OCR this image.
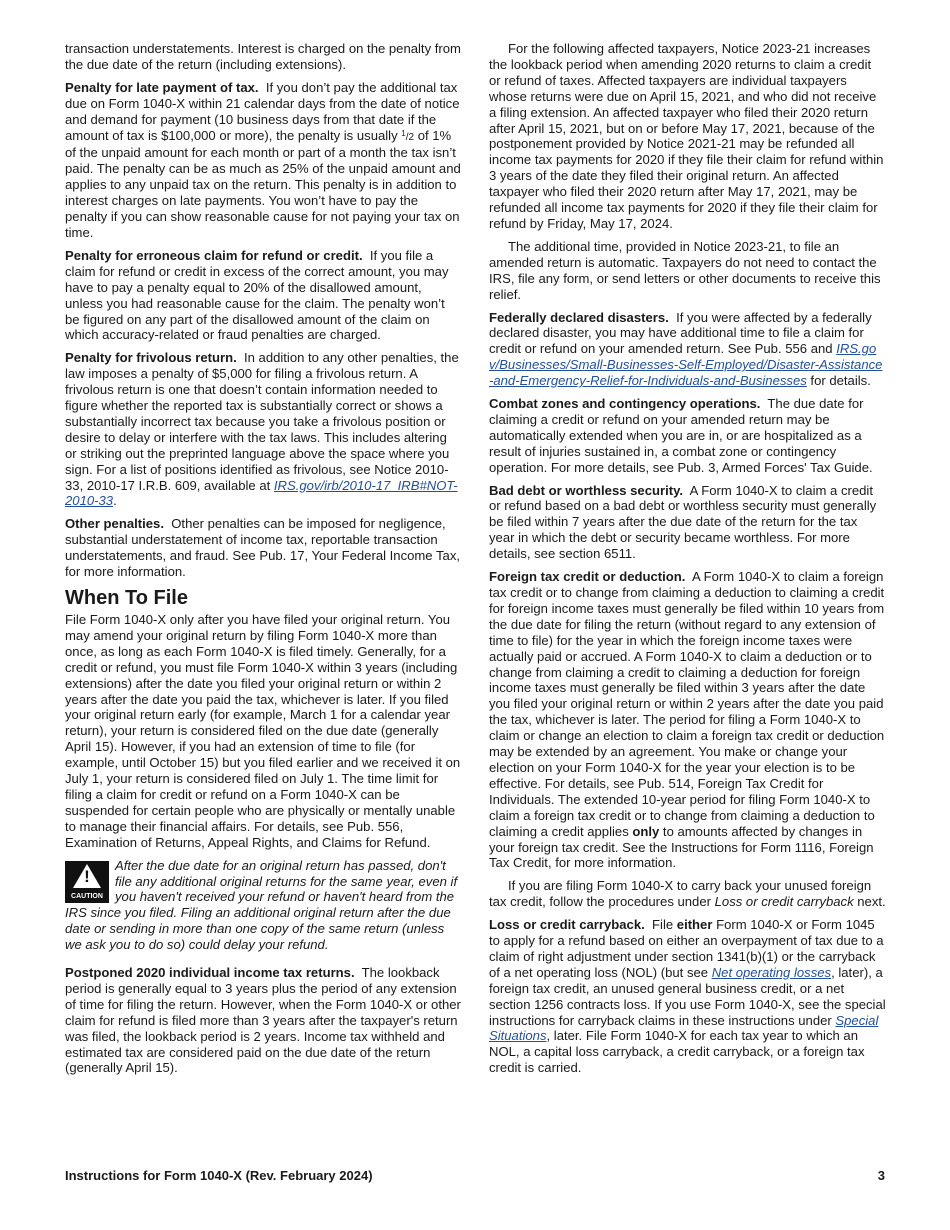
transaction understatements. Interest is charged on the penalty from the due date of the return (including extensions).

Penalty for late payment of tax. If you don’t pay the additional tax due on Form 1040-X within 21 calendar days from the date of notice and demand for payment (10 business days from that date if the amount of tax is $100,000 or more), the penalty is usually $^1$/2 of 1% of the unpaid amount for each month or part of a month the tax isn’t paid. The penalty can be as much as 25% of the unpaid amount and applies to any unpaid tax on the return. This penalty is in addition to interest charges on late payments. You won’t have to pay the penalty if you can show reasonable cause for not paying your tax on time.

Penalty for erroneous claim for refund or credit. If you file a claim for refund or credit in excess of the correct amount, you may have to pay a penalty equal to 20% of the disallowed amount, unless you had reasonable cause for the claim. The penalty won’t be figured on any part of the disallowed amount of the claim on which accuracy-related or fraud penalties are charged.

Penalty for frivolous return. In addition to any other penalties, the law imposes a penalty of $5,000 for filing a frivolous return. A frivolous return is one that doesn’t contain information needed to figure whether the reported tax is substantially correct or shows a substantially incorrect tax because you take a frivolous position or desire to delay or interfere with the tax laws. This includes altering or striking out the preprinted language above the space where you sign. For a list of positions identified as frivolous, see Notice 2010-33, 2010-17 I.R.B. 609, available at IRS.gov/irb/2010-17_IRB#NOT-2010-33.

Other penalties. Other penalties can be imposed for negligence, substantial understatement of income tax, reportable transaction understatements, and fraud. See Pub. 17, Your Federal Income Tax, for more information.

When To File

File Form 1040-X only after you have filed your original return. You may amend your original return by filing Form 1040-X more than once, as long as each Form 1040-X is filed timely. Generally, for a credit or refund, you must file Form 1040-X within 3 years (including extensions) after the date you filed your original return or within 2 years after the date you paid the tax, whichever is later. If you filed your original return early (for example, March 1 for a calendar year return), your return is considered filed on the due date (generally April 15). However, if you had an extension of time to file (for example, until October 15) but you filed earlier and we received it on July 1, your return is considered filed on July 1. The time limit for filing a claim for credit or refund on a Form 1040-X can be suspended for certain people who are physically or mentally unable to manage their financial affairs. For details, see Pub. 556, Examination of Returns, Appeal Rights, and Claims for Refund.

!
CAUTION
After the due date for an original return has passed, don't file any additional original returns for the same year, even if you haven't received your refund or haven't heard from the IRS since you filed. Filing an additional original return after the due date or sending in more than one copy of the same return (unless we ask you to do so) could delay your refund.

Postponed 2020 individual income tax returns. The lookback period is generally equal to 3 years plus the period of any extension of time for filing the return. However, when the Form 1040-X or other claim for refund is filed more than 3 years after the taxpayer's return was filed, the lookback period is 2 years. Income tax withheld and estimated tax are considered paid on the due date of the return (generally April 15).

For the following affected taxpayers, Notice 2023-21 increases the lookback period when amending 2020 returns to claim a credit or refund of taxes. Affected taxpayers are individual taxpayers whose returns were due on April 15, 2021, and who did not receive a filing extension. An affected taxpayer who filed their 2020 return after April 15, 2021, but on or before May 17, 2021, because of the postponement provided by Notice 2021-21 may be refunded all income tax payments for 2020 if they file their claim for refund within 3 years of the date they filed their original return. An affected taxpayer who filed their 2020 return after May 17, 2021, may be refunded all income tax payments for 2020 if they file their claim for refund by Friday, May 17, 2024.

The additional time, provided in Notice 2023-21, to file an amended return is automatic. Taxpayers do not need to contact the IRS, file any form, or send letters or other documents to receive this relief.

Federally declared disasters. If you were affected by a federally declared disaster, you may have additional time to file a claim for credit or refund on your amended return. See Pub. 556 and IRS.gov/Businesses/Small-Businesses-Self-Employed/Disaster-Assistance-and-Emergency-Relief-for-Individuals-and-Businesses for details.

Combat zones and contingency operations. The due date for claiming a credit or refund on your amended return may be automatically extended when you are in, or are hospitalized as a result of injuries sustained in, a combat zone or contingency operation. For more details, see Pub. 3, Armed Forces' Tax Guide.

Bad debt or worthless security. A Form 1040-X to claim a credit or refund based on a bad debt or worthless security must generally be filed within 7 years after the due date of the return for the tax year in which the debt or security became worthless. For more details, see section 6511.

Foreign tax credit or deduction. A Form 1040-X to claim a foreign tax credit or to change from claiming a deduction to claiming a credit for foreign income taxes must generally be filed within 10 years from the due date for filing the return (without regard to any extension of time to file) for the year in which the foreign income taxes were actually paid or accrued. A Form 1040-X to claim a deduction or to change from claiming a credit to claiming a deduction for foreign income taxes must generally be filed within 3 years after the date you filed your original return or within 2 years after the date you paid the tax, whichever is later. The period for filing a Form 1040-X to claim or change an election to claim a foreign tax credit or deduction may be extended by an agreement. You make or change your election on your Form 1040-X for the year your election is to be effective. For details, see Pub. 514, Foreign Tax Credit for Individuals. The extended 10-year period for filing Form 1040-X to claim a foreign tax credit or to change from claiming a deduction to claiming a credit applies only to amounts affected by changes in your foreign tax credit. See the Instructions for Form 1116, Foreign Tax Credit, for more information.

If you are filing Form 1040-X to carry back your unused foreign tax credit, follow the procedures under Loss or credit carryback next.

Loss or credit carryback. File either Form 1040-X or Form 1045 to apply for a refund based on either an overpayment of tax due to a claim of right adjustment under section 1341(b)(1) or the carryback of a net operating loss (NOL) (but see Net operating losses, later), a foreign tax credit, an unused general business credit, or a net section 1256 contracts loss. If you use Form 1040-X, see the special instructions for carryback claims in these instructions under Special Situations, later. File Form 1040-X for each tax year to which an NOL, a capital loss carryback, a credit carryback, or a foreign tax credit is carried.

Instructions for Form 1040-X (Rev. February 2024)	3
